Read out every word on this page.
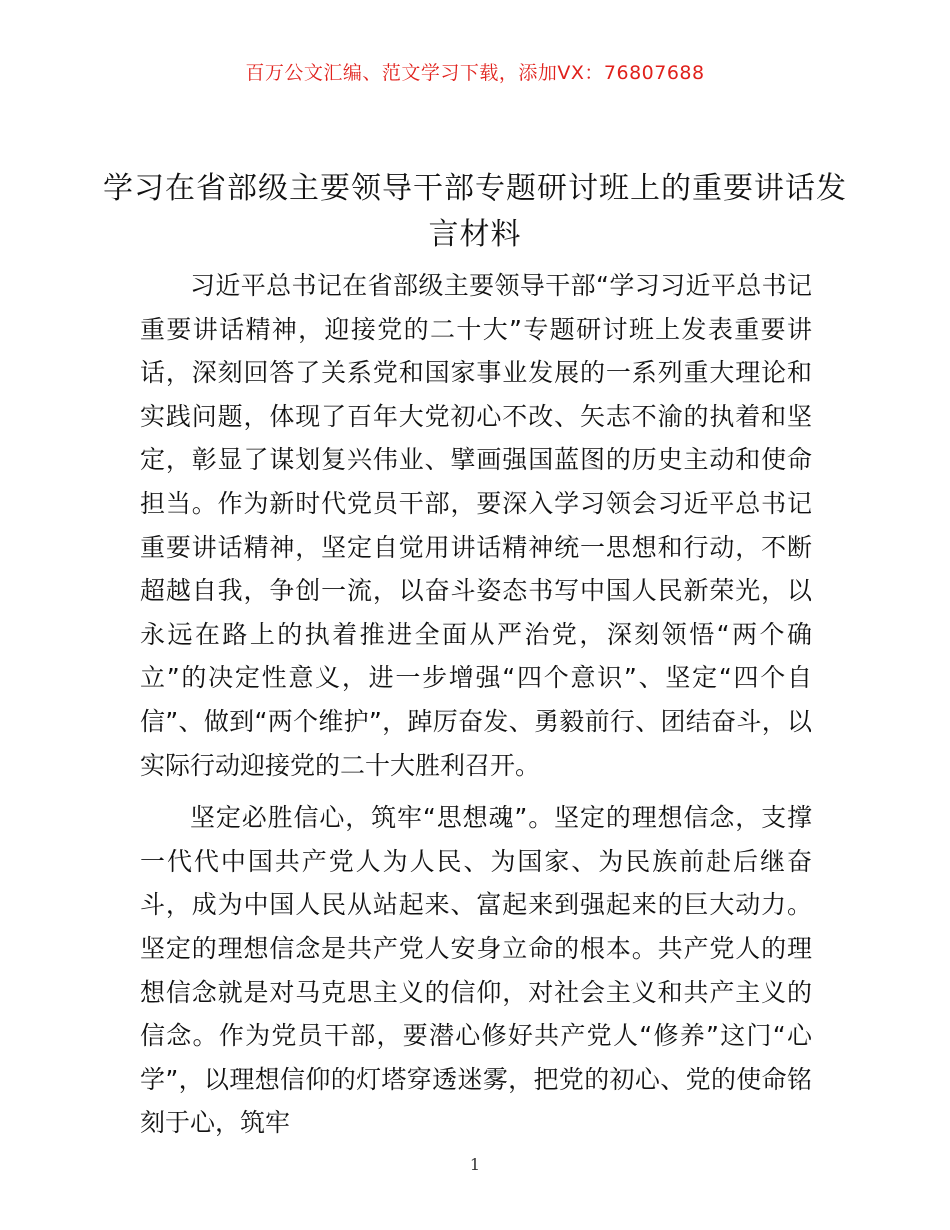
百万公文汇编、范文学习下载，添加VX：76807688
学习在省部级主要领导干部专题研讨班上的重要讲话发言材料

习近平总书记在省部级主要领导干部“学习习近平总书记重要讲话精神，迎接党的二十大”专题研讨班上发表重要讲话，深刻回答了关系党和国家事业发展的一系列重大理论和实践问题，体现了百年大党初心不改、矢志不渝的执着和坚定，彰显了谋划复兴伟业、擘画强国蓝图的历史主动和使命担当。作为新时代党员干部，要深入学习领会习近平总书记重要讲话精神，坚定自觉用讲话精神统一思想和行动，不断超越自我，争创一流，以奋斗姿态书写中国人民新荣光，以永远在路上的执着推进全面从严治党，深刻领悟“两个确立”的决定性意义，进一步增强“四个意识”、坚定“四个自信”、做到“两个维护”，踔厉奋发、勇毅前行、团结奋斗，以实际行动迎接党的二十大胜利召开。

坚定必胜信心，筑牢“思想魂”。坚定的理想信念，支撑一代代中国共产党人为人民、为国家、为民族前赴后继奋斗，成为中国人民从站起来、富起来到强起来的巨大动力。坚定的理想信念是共产党人安身立命的根本。共产党人的理想信念就是对马克思主义的信仰，对社会主义和共产主义的信念。作为党员干部，要潜心修好共产党人“修养”这门“心学”，以理想信仰的灯塔穿透迷雾，把党的初心、党的使命铭刻于心，筑牢

1
